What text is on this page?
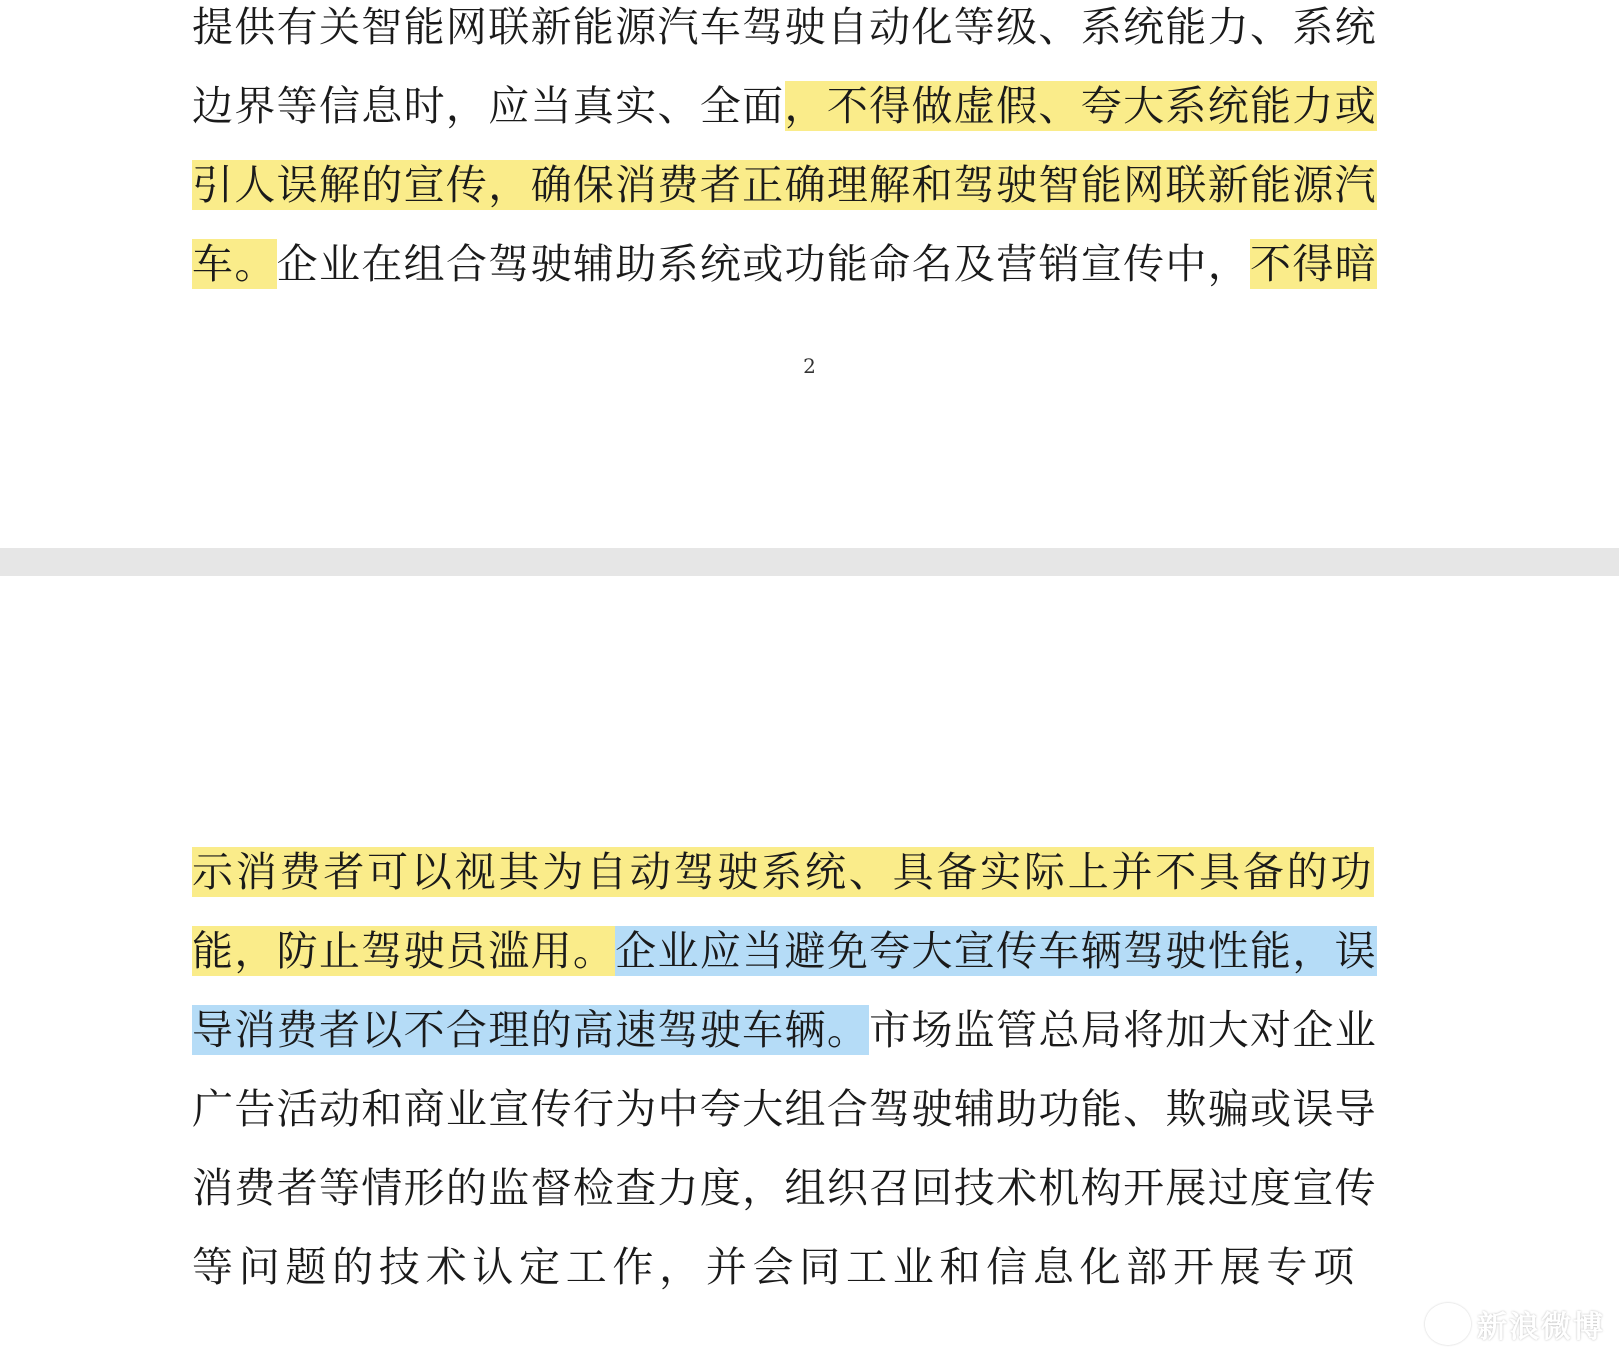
提供有关智能网联新能源汽车驾驶自动化等级、系统能力、系统
边界等信息时，应当真实、全面 ，不得做虚假、夸大系统能力或
引人误解的宣传，确保消费者正确理解和驾驶智能网联新能源汽
车。 企业在组合驾驶辅助系统或功能命名及营销宣传中， 不得暗
2
示消费者可以视其为自动驾驶系统、具备实际上并不具备的功
能，防止驾驶员滥用。 企业应当避免夸大宣传车辆驾驶性能，误
导消费者以不合理的高速驾驶车辆。 市场监管总局将加大对企业
广告活动和商业宣传行为中夸大组合驾驶辅助功能、欺骗或误导
消费者等情形的监督检查力度，组织召回技术机构开展过度宣传
等问题的技术认定工作，并会同工业和信息化部开展专项
新浪微博
